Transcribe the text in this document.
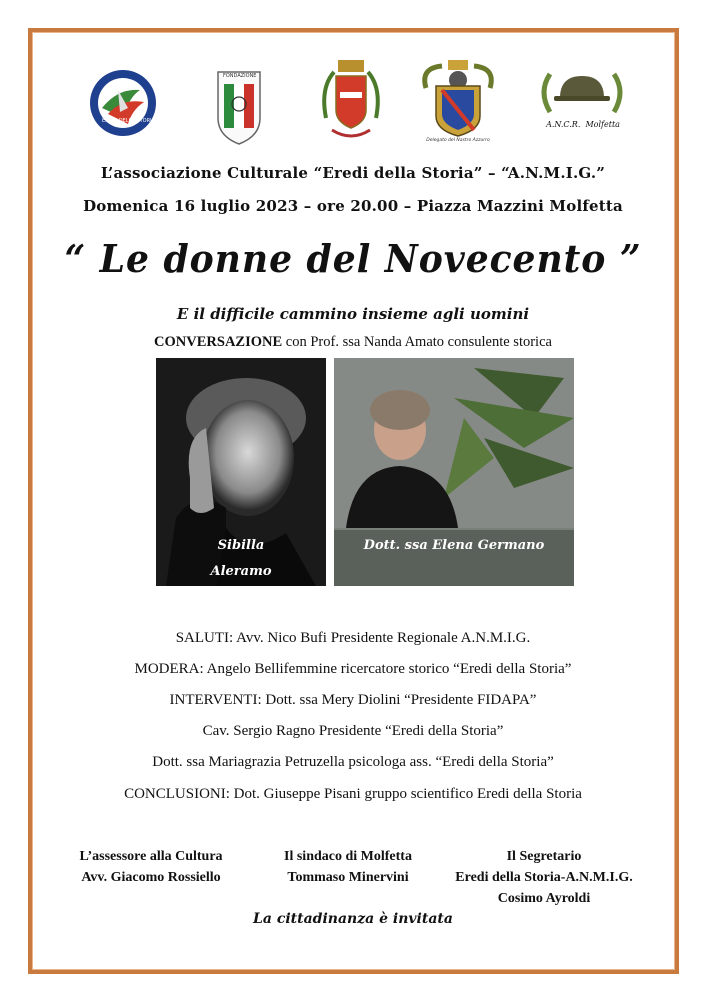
EREDI DELLA STORIA
FONDAZIONE
Delegato del Nastro Azzurro
A.N.C.R.  Molfetta
L’associazione Culturale “Eredi della Storia” – “A.N.M.I.G.”
Domenica 16 luglio 2023 – ore 20.00 – Piazza Mazzini Molfetta
“ Le donne del Novecento ”
E il difficile cammino insieme agli uomini
CONVERSAZIONE con Prof. ssa Nanda Amato consulente storica
Sibilla
Aleramo
Dott. ssa Elena Germano
SALUTI: Avv. Nico Bufi Presidente Regionale A.N.M.I.G.
MODERA: Angelo Bellifemmine ricercatore storico “Eredi della Storia”
INTERVENTI: Dott. ssa Mery Diolini “Presidente FIDAPA”
Cav. Sergio Ragno Presidente “Eredi della Storia”
Dott. ssa Mariagrazia Petruzella psicologa ass. “Eredi della Storia”
CONCLUSIONI: Dot. Giuseppe Pisani gruppo scientifico Eredi della Storia
L’assessore alla Cultura
Avv. Giacomo Rossiello
Il sindaco di Molfetta
Tommaso Minervini
Il Segretario
Eredi della Storia-A.N.M.I.G.
Cosimo Ayroldi
La cittadinanza è invitata
